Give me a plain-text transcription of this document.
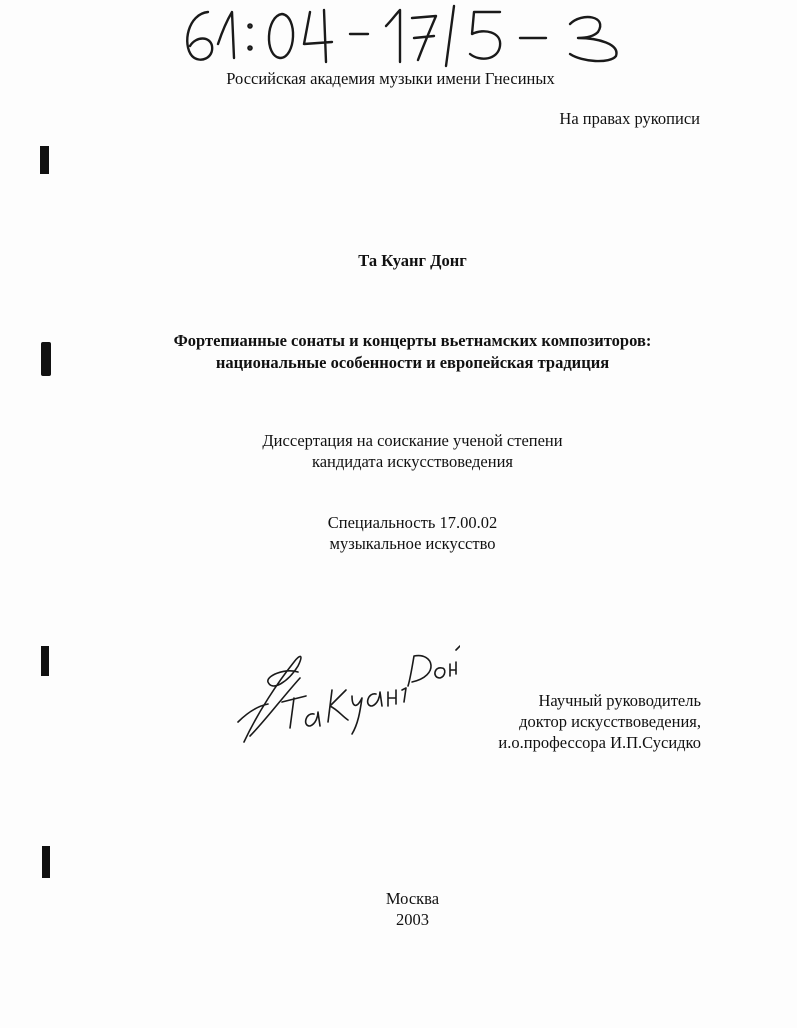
Российская академия музыки имени Гнесиных
На правах рукописи
Та Куанг Донг
Фортепианные сонаты и концерты вьетнамских композиторов:
национальные особенности и европейская традиция
Диссертация на соискание ученой степени
кандидата искусствоведения
Специальность 17.00.02
музыкальное искусство
Научный руководитель
доктор искусствоведения,
и.о.профессора И.П.Сусидко
Москва
2003
